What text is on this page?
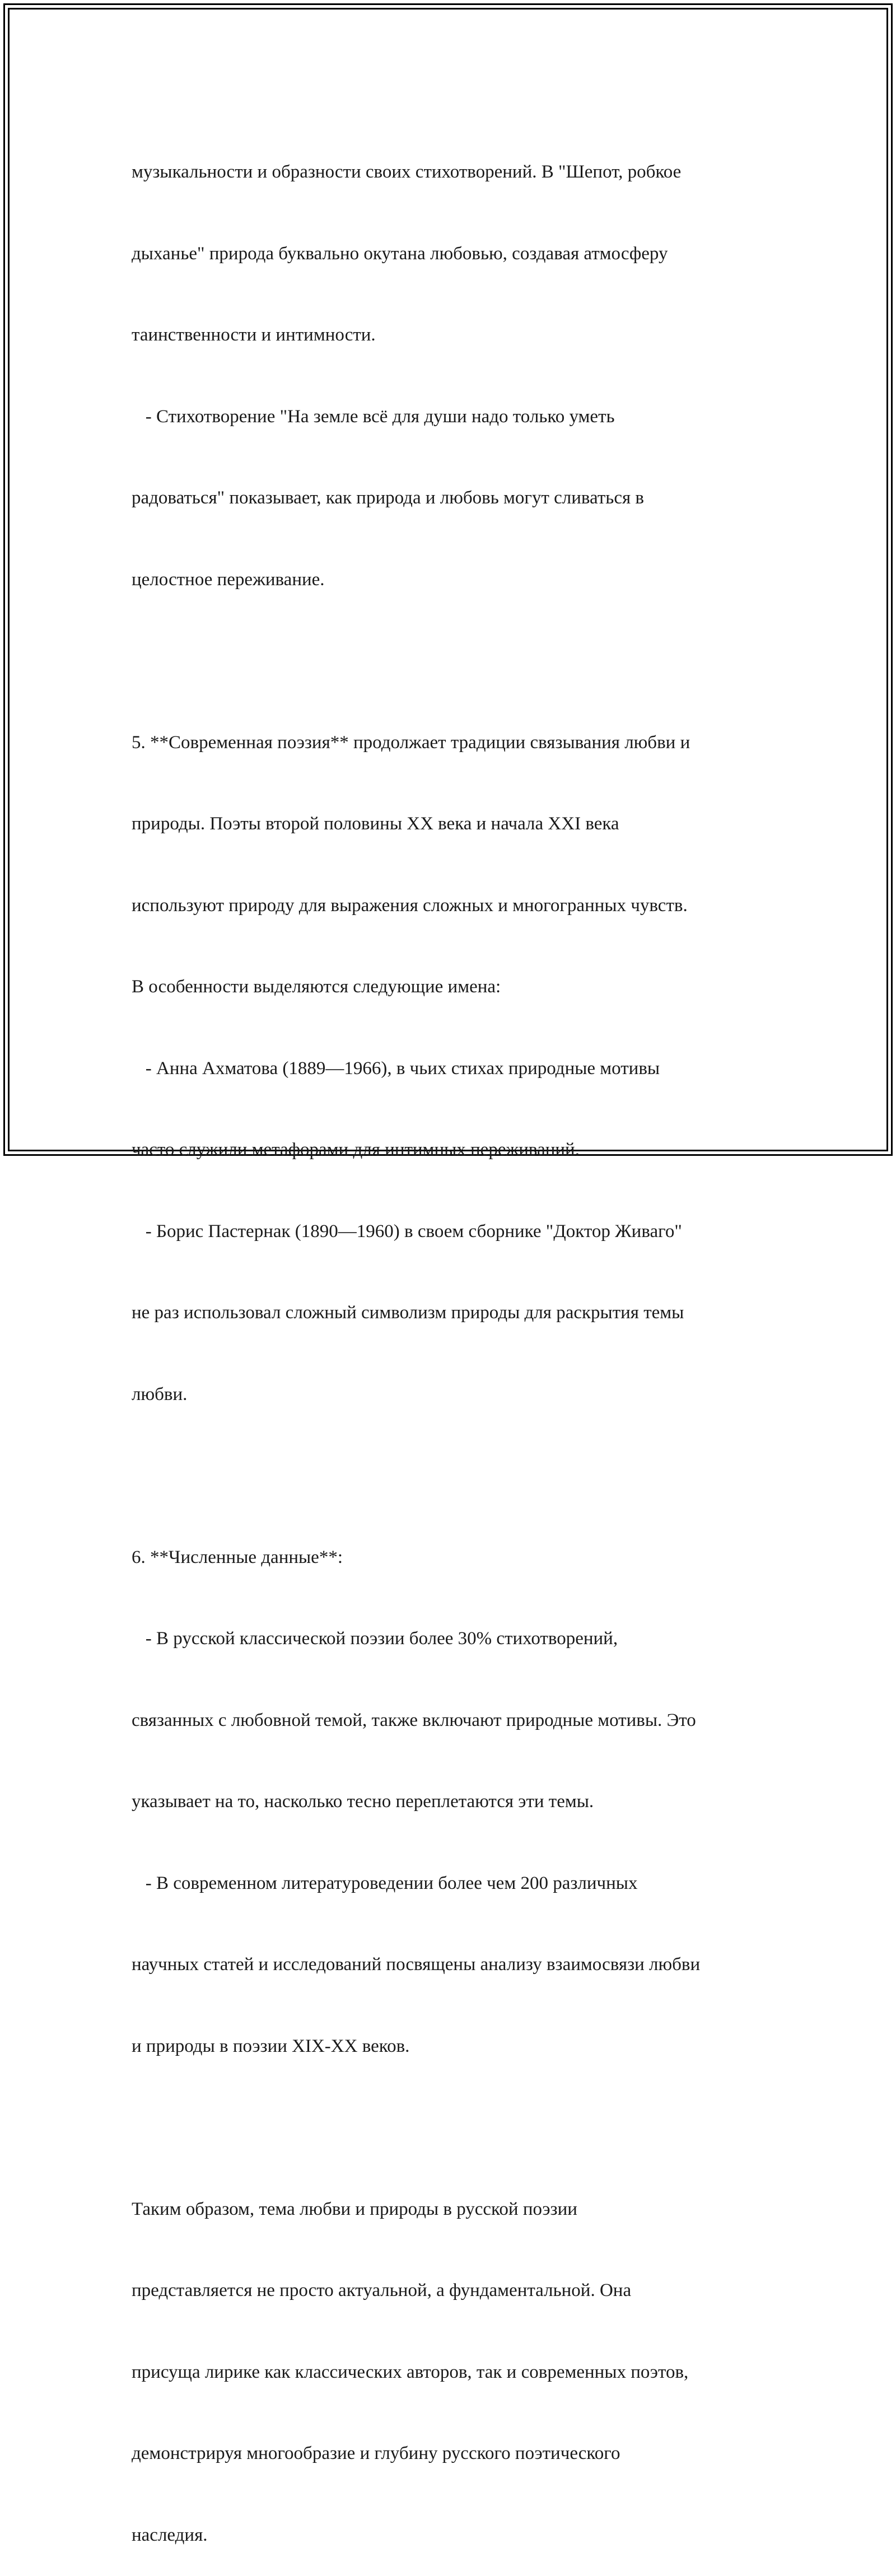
музыкальности и образности своих стихотворений. В "Шепот, робкое

дыханье" природа буквально окутана любовью, создавая атмосферу

таинственности и интимности.

- Стихотворение "На земле всё для души надо только уметь

радоваться" показывает, как природа и любовь могут сливаться в

целостное переживание.

5. **Современная поэзия** продолжает традиции связывания любви и

природы. Поэты второй половины XX века и начала XXI века

используют природу для выражения сложных и многогранных чувств.

В особенности выделяются следующие имена:

- Анна Ахматова (1889—1966), в чьих стихах природные мотивы

часто служили метафорами для интимных переживаний.

- Борис Пастернак (1890—1960) в своем сборнике "Доктор Живаго"

не раз использовал сложный символизм природы для раскрытия темы

любви.

6. **Численные данные**:

- В русской классической поэзии более 30% стихотворений,

связанных с любовной темой, также включают природные мотивы. Это

указывает на то, насколько тесно переплетаются эти темы.

- В современном литературоведении более чем 200 различных

научных статей и исследований посвящены анализу взаимосвязи любви

и природы в поэзии XIX-XX веков.

Таким образом, тема любви и природы в русской поэзии

представляется не просто актуальной, а фундаментальной. Она

присуща лирике как классических авторов, так и современных поэтов,

демонстрируя многообразие и глубину русского поэтического

наследия.
